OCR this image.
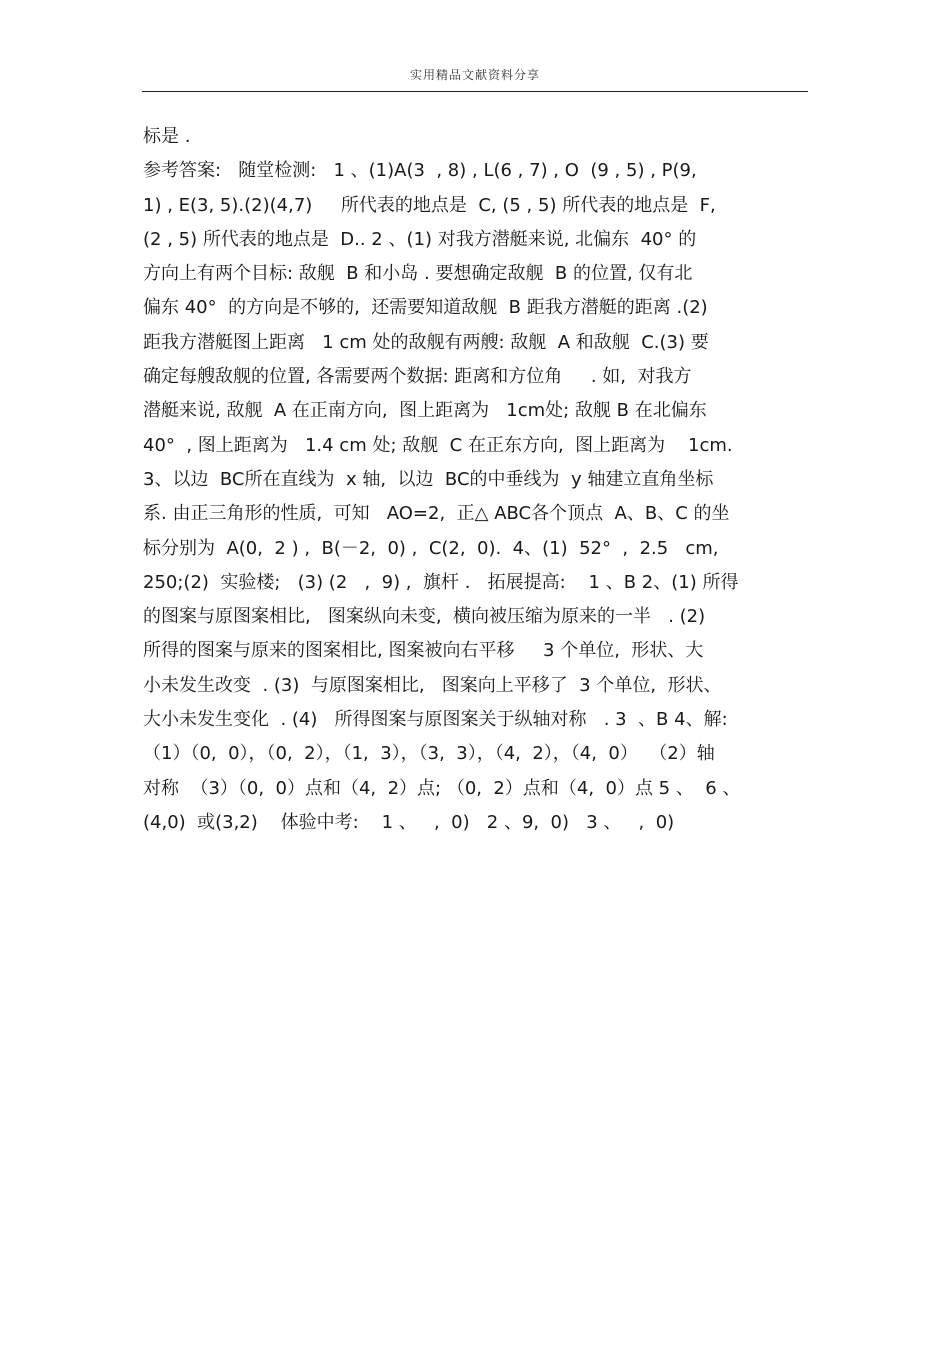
实用精品文献资料分享
标是 .
参考答案:   随堂检测:   1 、(1)A(3  , 8) , L(6 , 7) , O  (9 , 5) , P(9,
1) , E(3, 5).(2)(4,7)     所代表的地点是  C, (5 , 5) 所代表的地点是  F,
(2 , 5) 所代表的地点是  D.. 2 、(1) 对我方潜艇来说, 北偏东  40° 的
方向上有两个目标: 敌舰  B 和小岛 . 要想确定敌舰  B 的位置, 仅有北
偏东 40°  的方向是不够的,  还需要知道敌舰  B 距我方潜艇的距离 .(2)
距我方潜艇图上距离   1 cm 处的敌舰有两艘: 敌舰  A 和敌舰  C.(3) 要
确定每艘敌舰的位置, 各需要两个数据: 距离和方位角     . 如,  对我方
潜艇来说, 敌舰  A 在正南方向,  图上距离为   1cm处; 敌舰 B 在北偏东
40°  , 图上距离为   1.4 cm 处; 敌舰  C 在正东方向,  图上距离为    1cm.
3、以边  BC所在直线为  x 轴,  以边  BC的中垂线为  y 轴建立直角坐标
系. 由正三角形的性质,  可知   AO=2,  正△ ABC各个顶点  A、B、C 的坐
标分别为  A(0,  2 ) ,  B(－2,  0) ,  C(2,  0).  4、(1)  52°  ,  2.5   cm,
250;(2)  实验楼;   (3) (2   ,  9) ,  旗杆 .   拓展提高:    1 、B 2、(1) 所得
的图案与原图案相比,   图案纵向未变,  横向被压缩为原来的一半   . (2)
所得的图案与原来的图案相比, 图案被向右平移     3 个单位,  形状、大
小未发生改变  . (3)  与原图案相比,   图案向上平移了  3 个单位,  形状、
大小未发生变化  . (4)   所得图案与原图案关于纵轴对称   . 3  、B 4、解:
（1）（0,  0），（0,  2），（1,  3），（3,  3），（4,  2），（4,  0）  （2）轴
对称  （3）（0,  0）点和（4,  2）点; （0,  2）点和（4,  0）点 5 、  6 、
(4,0)  或(3,2)    体验中考:    1 、   ,  0)   2 、9,  0)   3 、   ,  0)
